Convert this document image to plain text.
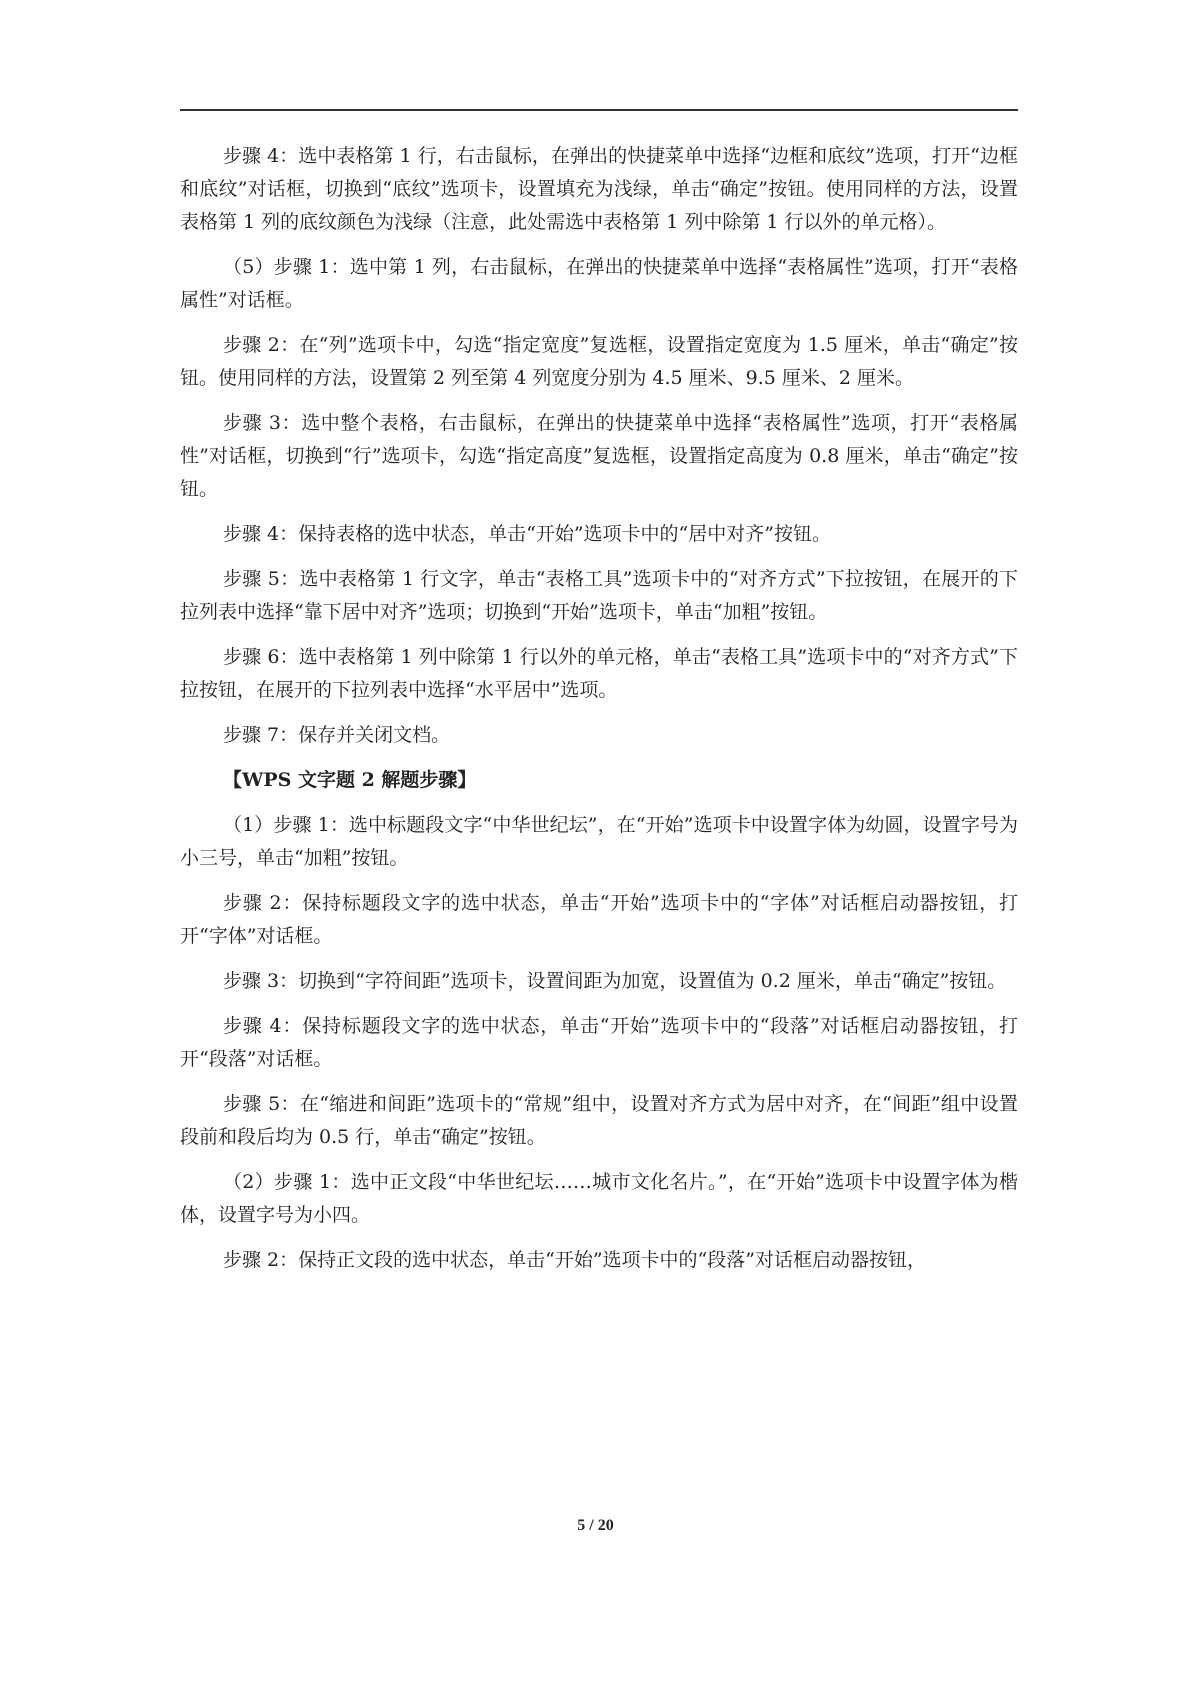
步骤 4：选中表格第 1 行，右击鼠标，在弹出的快捷菜单中选择“边框和底纹”选项，打开“边框和底纹”对话框，切换到“底纹”选项卡，设置填充为浅绿，单击“确定”按钮。使用同样的方法，设置表格第 1 列的底纹颜色为浅绿（注意，此处需选中表格第 1 列中除第 1 行以外的单元格）。

（5）步骤 1：选中第 1 列，右击鼠标，在弹出的快捷菜单中选择“表格属性”选项，打开“表格属性”对话框。

步骤 2：在“列”选项卡中，勾选“指定宽度”复选框，设置指定宽度为 1.5 厘米，单击“确定”按钮。使用同样的方法，设置第 2 列至第 4 列宽度分别为 4.5 厘米、9.5 厘米、2 厘米。

步骤 3：选中整个表格，右击鼠标，在弹出的快捷菜单中选择“表格属性”选项，打开“表格属性”对话框，切换到“行”选项卡，勾选“指定高度”复选框，设置指定高度为 0.8 厘米，单击“确定”按钮。

步骤 4：保持表格的选中状态，单击“开始”选项卡中的“居中对齐”按钮。

步骤 5：选中表格第 1 行文字，单击“表格工具”选项卡中的“对齐方式”下拉按钮，在展开的下拉列表中选择“靠下居中对齐”选项；切换到“开始”选项卡，单击“加粗”按钮。

步骤 6：选中表格第 1 列中除第 1 行以外的单元格，单击“表格工具”选项卡中的“对齐方式”下拉按钮，在展开的下拉列表中选择“水平居中”选项。

步骤 7：保存并关闭文档。

【WPS 文字题 2 解题步骤】

（1）步骤 1：选中标题段文字“中华世纪坛”，在“开始”选项卡中设置字体为幼圆，设置字号为小三号，单击“加粗”按钮。

步骤 2：保持标题段文字的选中状态，单击“开始”选项卡中的“字体”对话框启动器按钮，打开“字体”对话框。

步骤 3：切换到“字符间距”选项卡，设置间距为加宽，设置值为 0.2 厘米，单击“确定”按钮。

步骤 4：保持标题段文字的选中状态，单击“开始”选项卡中的“段落”对话框启动器按钮，打开“段落”对话框。

步骤 5：在“缩进和间距”选项卡的“常规”组中，设置对齐方式为居中对齐，在“间距”组中设置段前和段后均为 0.5 行，单击“确定”按钮。

（2）步骤 1：选中正文段“中华世纪坛……城市文化名片。”，在“开始”选项卡中设置字体为楷体，设置字号为小四。

步骤 2：保持正文段的选中状态，单击“开始”选项卡中的“段落”对话框启动器按钮，

5 / 20
